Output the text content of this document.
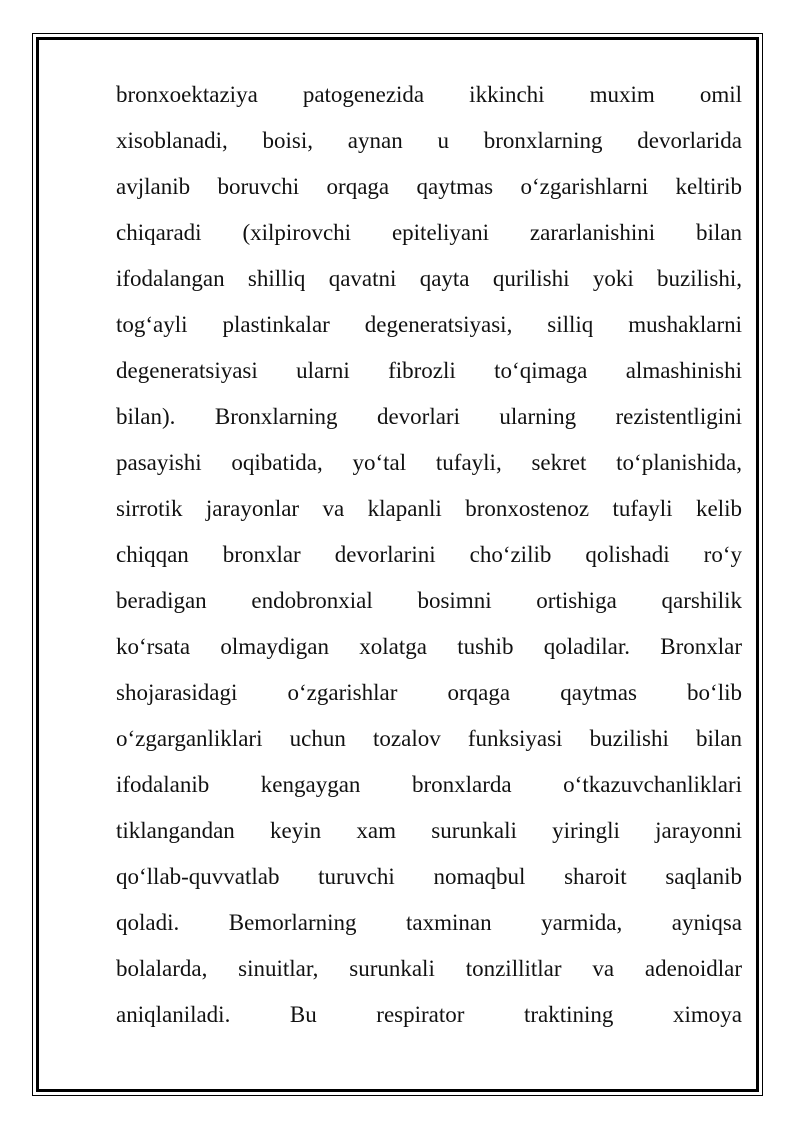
bronxoektaziya patogenezida ikkinchi muxim omil
xisoblanadi, boisi, aynan u bronxlarning devorlarida
avjlanib boruvchi orqaga qaytmas o‘zgarishlarni keltirib
chiqaradi (xilpirovchi epiteliyani zararlanishini bilan
ifodalangan shilliq qavatni qayta qurilishi yoki buzilishi,
tog‘ayli plastinkalar degeneratsiyasi, silliq mushaklarni
degeneratsiyasi ularni fibrozli to‘qimaga almashinishi
bilan). Bronxlarning devorlari ularning rezistentligini
pasayishi oqibatida, yo‘tal tufayli, sekret to‘planishida,
sirrotik jarayonlar va klapanli bronxostenoz tufayli kelib
chiqqan bronxlar devorlarini cho‘zilib qolishadi ro‘y
beradigan endobronxial bosimni ortishiga qarshilik
ko‘rsata olmaydigan xolatga tushib qoladilar. Bronxlar
shojarasidagi o‘zgarishlar orqaga qaytmas bo‘lib
o‘zgarganliklari uchun tozalov funksiyasi buzilishi bilan
ifodalanib kengaygan bronxlarda o‘tkazuvchanliklari
tiklangandan keyin xam surunkali yiringli jarayonni
qo‘llab-quvvatlab turuvchi nomaqbul sharoit saqlanib
qoladi. Bemorlarning taxminan yarmida, ayniqsa
bolalarda, sinuitlar, surunkali tonzillitlar va adenoidlar
aniqlaniladi. Bu respirator traktining ximoya
